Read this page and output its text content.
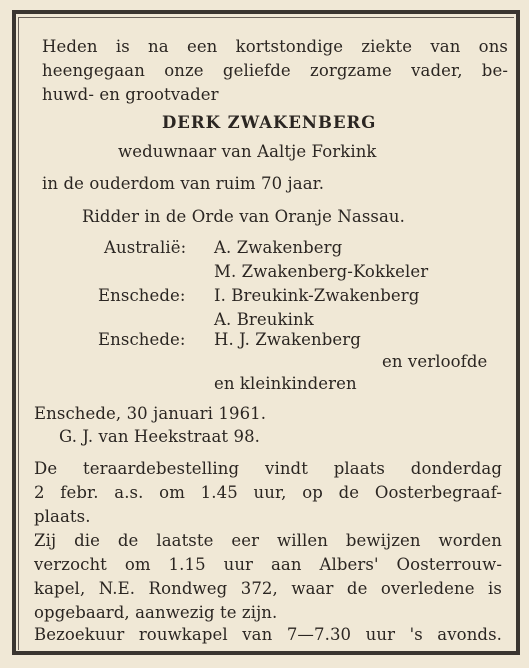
Heden is na een kortstondige ziekte van ons
heengegaan onze geliefde zorgzame vader, be-
huwd- en grootvader
DERK ZWAKENBERG
weduwnaar van Aaltje Forkink
in de ouderdom van ruim 70 jaar.
Ridder in de Orde van Oranje Nassau.
Australië: A. Zwakenberg
M. Zwakenberg-Kokkeler
Enschede: I. Breukink-Zwakenberg
A. Breukink
Enschede: H. J. Zwakenberg
en verloofde
en kleinkinderen
Enschede, 30 januari 1961.
G. J. van Heekstraat 98.
De teraardebestelling vindt plaats donderdag
2 febr. a.s. om 1.45 uur, op de Oosterbegraaf-
plaats.
Zij die de laatste eer willen bewijzen worden
verzocht om 1.15 uur aan Albers' Oosterrouw-
kapel, N.E. Rondweg 372, waar de overledene is
opgebaard, aanwezig te zijn.
Bezoekuur rouwkapel van 7—7.30 uur 's avonds.
